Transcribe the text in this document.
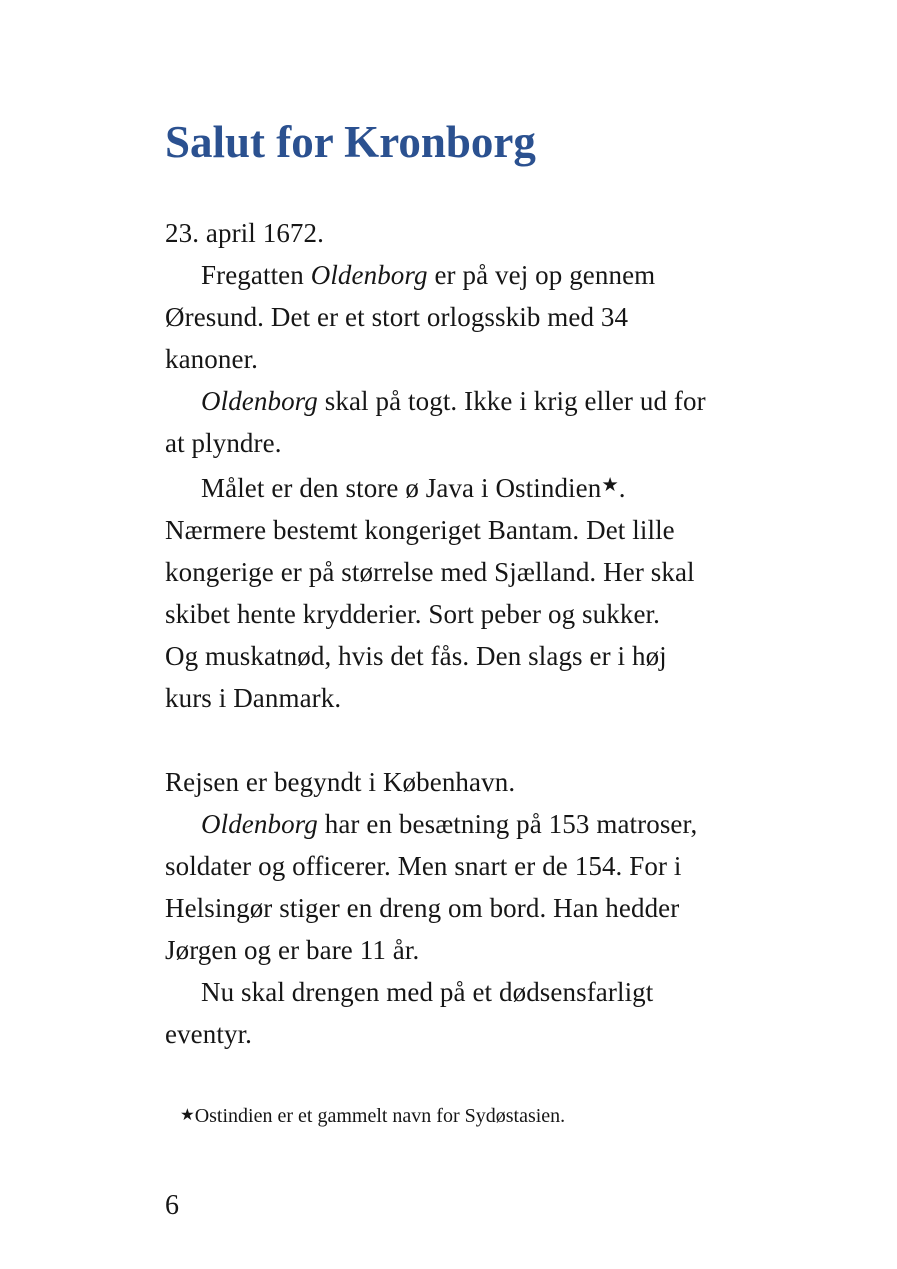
Salut for Kronborg
23. april 1672.
Fregatten Oldenborg er på vej op gennem
Øresund. Det er et stort orlogsskib med 34
kanoner.
Oldenborg skal på togt. Ikke i krig eller ud for
at plyndre.
Målet er den store ø Java i Ostindien★.
Nærmere bestemt kongeriget Bantam. Det lille
kongerige er på størrelse med Sjælland. Her skal
skibet hente krydderier. Sort peber og sukker.
Og muskatnød, hvis det fås. Den slags er i høj
kurs i Danmark.
Rejsen er begyndt i København.
Oldenborg har en besætning på 153 matroser,
soldater og officerer. Men snart er de 154. For i
Helsingør stiger en dreng om bord. Han hedder
Jørgen og er bare 11 år.
Nu skal drengen med på et dødsensfarligt
eventyr.

★Ostindien er et gammelt navn for Sydøstasien.

6
